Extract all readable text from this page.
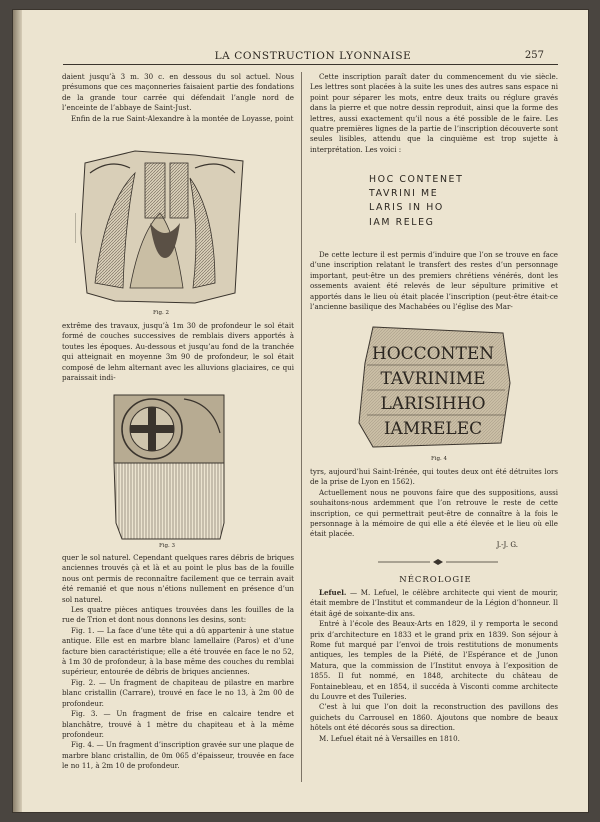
LA CONSTRUCTION LYONNAISE	257

daient jusqu’à 3 m. 30 c. en dessous du sol actuel. Nous présumons que ces maçonneries faisaient partie des fondations de la grande tour carrée qui défendait l’angle nord de l’enceinte de l’abbaye de Saint-Just.

Enfin de la rue Saint-Alexandre à la montée de Loyasse, point

Fig. 2

extrême des travaux, jusqu’à 1m 30 de profondeur le sol était formé de couches successives de remblais divers apportés à toutes les époques. Au-dessous et jusqu’au fond de la tranchée qui atteignait en moyenne 3m 90 de profondeur, le sol était composé de lehm alternant avec les alluvions glaciaires, ce qui paraissait indi-

Fig. 3

quer le sol naturel. Cependant quelques rares débris de briques anciennes trouvés çà et là et au point le plus bas de la fouille nous ont permis de reconnaître facilement que ce terrain avait été remanié et que nous n’étions nullement en présence d’un sol naturel.

Les quatre pièces antiques trouvées dans les fouilles de la rue de Trion et dont nous donnons les desins, sont:

Fig. 1. — La face d’une tête qui a dû appartenir à une statue antique. Elle est en marbre blanc lamellaire (Paros) et d’une facture bien caractéristique; elle a été trouvée en face le no 52, à 1m 30 de profondeur, à la base même des couches du remblai supérieur, entourée de débris de briques anciennes.

Fig. 2. — Un fragment de chapiteau de pilastre en marbre blanc cristallin (Carrare), trouvé en face le no 13, à 2m 00 de profondeur.

Fig. 3. — Un fragment de frise en calcaire tendre et blanchâtre, trouvé à 1 mètre du chapiteau et à la même profondeur.

Fig. 4. — Un fragment d’inscription gravée sur une plaque de marbre blanc cristallin, de 0m 065 d’épaisseur, trouvée en face le no 11, à 2m 10 de profondeur.

Cette inscription paraît dater du commencement du vie siècle. Les lettres sont placées à la suite les unes des autres sans espace ni point pour séparer les mots, entre deux traits ou réglure gravés dans la pierre et que notre dessin reproduit, ainsi que la forme des lettres, aussi exactement qu’il nous a été possible de le faire. Les quatre premières lignes de la partie de l’inscription découverte sont seules lisibles, attendu que la cinquième est trop sujette à interprétation. Les voici :

HOC CONTENET
TAVRINI ME
LARIS IN HO
IAM RELEG

De cette lecture il est permis d’induire que l’on se trouve en face d’une inscription relatant le transfert des restes d’un personnage important, peut-être un des premiers chrétiens vénérés, dont les ossements avaient été relevés de leur sépulture primitive et apportés dans le lieu où était placée l’inscription (peut-être était-ce l’ancienne basilique des Machabées ou l’église des Mar-

HOCCONTEN
TAVRINIME
LARISIHHO
IAMRELEC
Fig. 4

tyrs, aujourd’hui Saint-Irénée, qui toutes deux ont été détruites lors de la prise de Lyon en 1562).

Actuellement nous ne pouvons faire que des suppositions, aussi souhaitons-nous ardemment que l’on retrouve le reste de cette inscription, ce qui permettrait peut-être de connaître à la fois le personnage à la mémoire de qui elle a été élevée et le lieu où elle était placée.

J.-J. G.
NÉCROLOGIE

Lefuel. — M. Lefuel, le célèbre architecte qui vient de mourir, était membre de l’Institut et commandeur de la Légion d’honneur. Il était âgé de soixante-dix ans.

Entré à l’école des Beaux-Arts en 1829, il y remporta le second prix d’architecture en 1833 et le grand prix en 1839. Son séjour à Rome fut marqué par l’envoi de trois restitutions de monuments antiques, les temples de la Piété, de l’Espérance et de Junon Matura, que la commission de l’Institut envoya à l’exposition de 1855. Il fut nommé, en 1848, architecte du château de Fontainebleau, et en 1854, il succéda à Visconti comme architecte du Louvre et des Tuileries.

C’est à lui que l’on doit la reconstruction des pavillons des guichets du Carrousel en 1860. Ajoutons que nombre de beaux hôtels ont été décorés sous sa direction.

M. Lefuel était né à Versailles en 1810.
